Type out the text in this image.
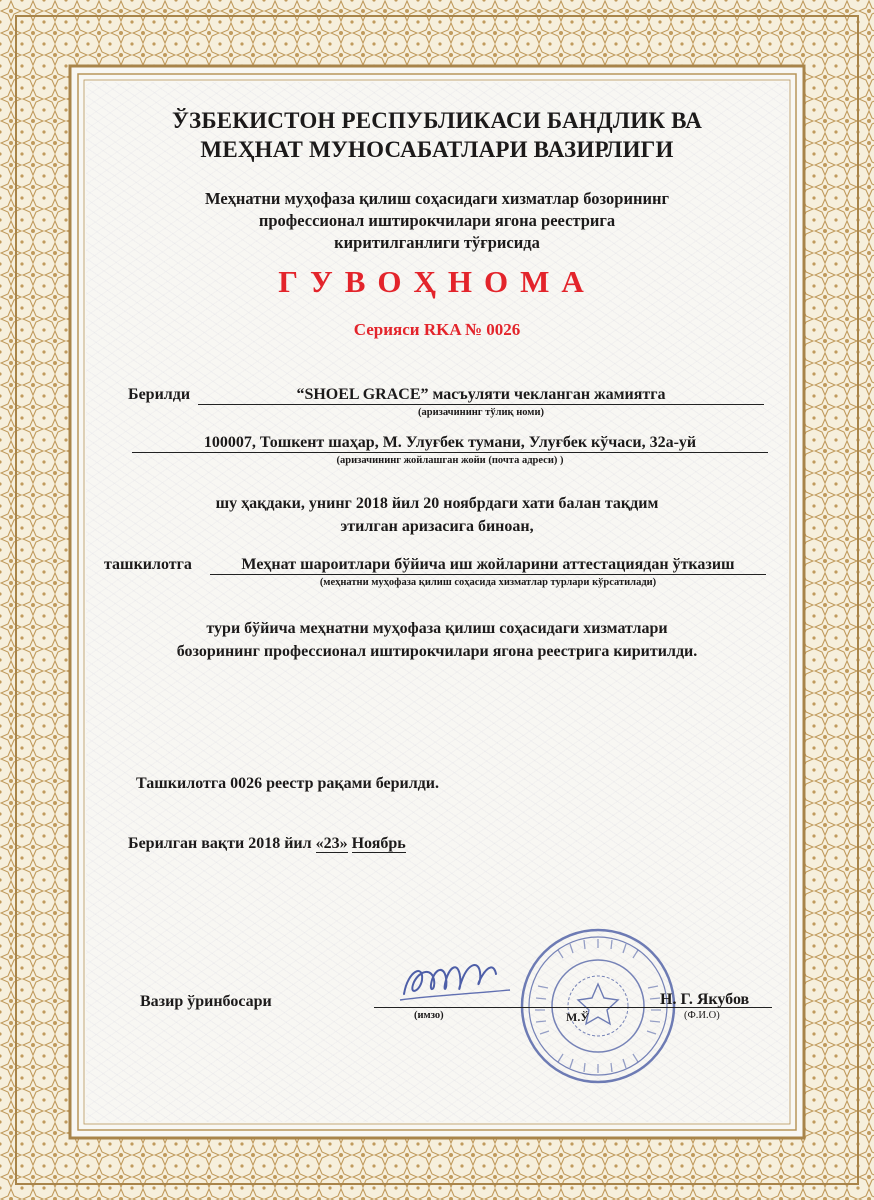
ЎЗБЕКИСТОН РЕСПУБЛИКАСИ БАНДЛИК ВА
МЕҲНАТ МУНОСАБАТЛАРИ ВАЗИРЛИГИ
Меҳнатни муҳофаза қилиш соҳасидаги хизматлар бозорининг
профессионал иштирокчилари ягона реестрига
киритилганлиги тўғрисида
ГУВОҲНОМА
Серияси RKA № 0026
Берилди	“SHOEL GRACE” масъуляти чекланган жамиятга
(аризачининг тўлиқ номи)
100007, Тошкент шаҳар, М. Улуғбек тумани, Улуғбек кўчаси, 32а-уй
(аризачининг жойлашган жойи (почта адреси) )
шу ҳақдаки, унинг 2018 йил 20 ноябрдаги хати балан тақдим
этилган аризасига биноан,
ташкилотга	Меҳнат шароитлари бўйича иш жойларини аттестациядан ўтказиш
(меҳнатни муҳофаза қилиш соҳасида хизматлар турлари кўрсатилади)
тури бўйича меҳнатни муҳофаза қилиш соҳасидаги хизматлари
бозорининг профессионал иштирокчилари ягона реестрига киритилди.
Ташкилотга 0026 реестр рақами берилди.
Берилган вақти 2018 йил «23» Ноябрь
Вазир ўринбосари
(имзо)	М.Ў
Н. Г. Якубов
(Ф.И.О)
